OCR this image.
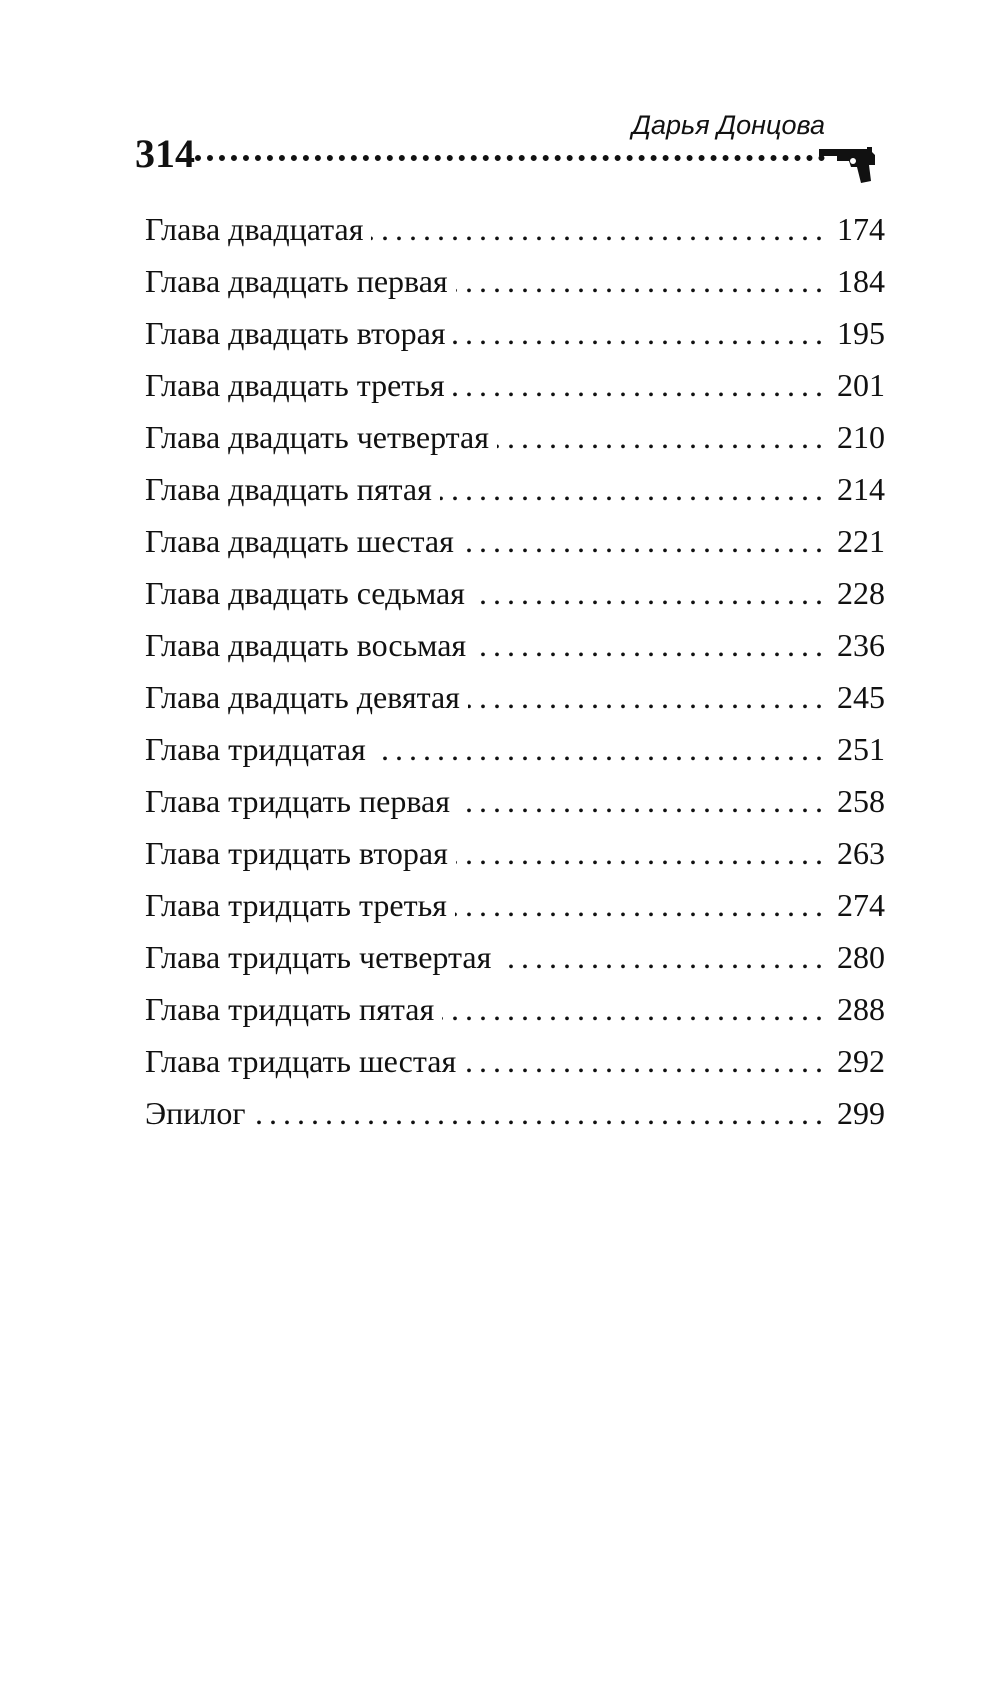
314
Дарья Донцова
Глава двадцатая .....	174
Глава двадцать первая .....	184
Глава двадцать вторая .....	195
Глава двадцать третья .....	201
Глава двадцать четвертая .....	210
Глава двадцать пятая .....	214
Глава двадцать шестая .....	221
Глава двадцать седьмая .....	228
Глава двадцать восьмая .....	236
Глава двадцать девятая .....	245
Глава тридцатая .....	251
Глава тридцать первая .....	258
Глава тридцать вторая .....	263
Глава тридцать третья .....	274
Глава тридцать четвертая .....	280
Глава тридцать пятая .....	288
Глава тридцать шестая .....	292
Эпилог .....	299
